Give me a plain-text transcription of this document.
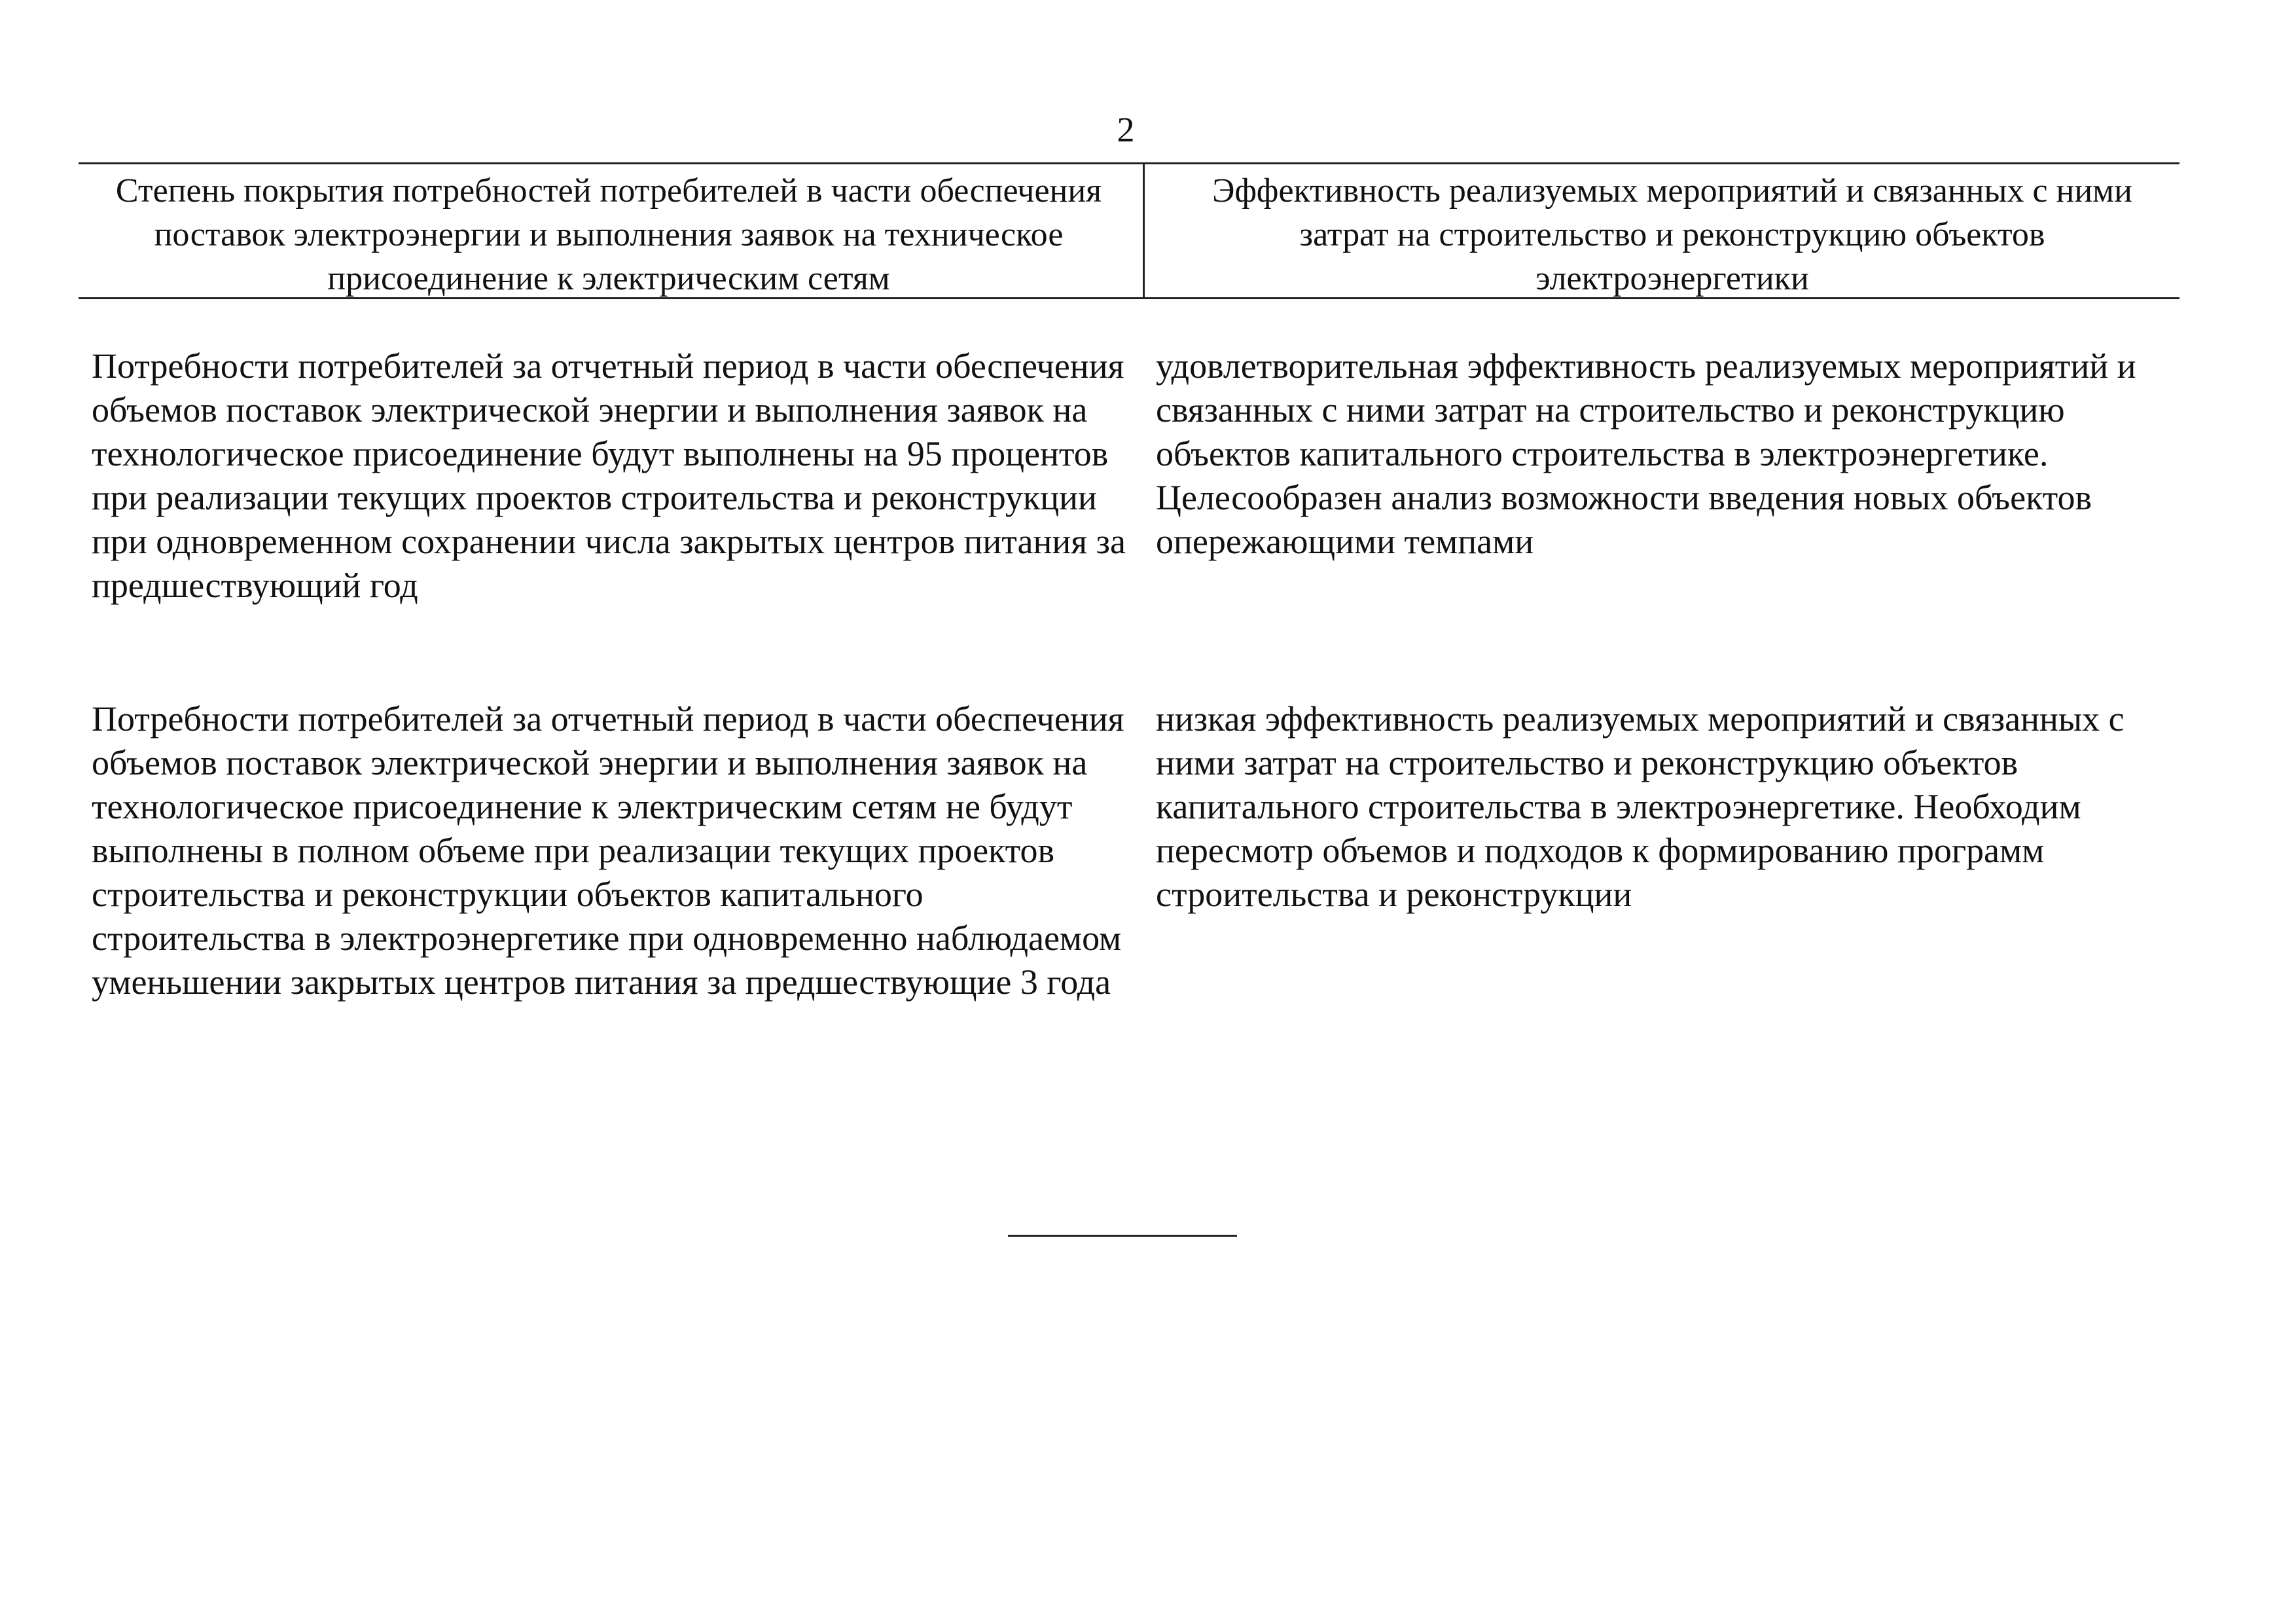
2
Степень покрытия потребностей потребителей в части обеспечения поставок электроэнергии и выполнения заявок на техническое присоединение к электрическим сетям
Эффективность реализуемых мероприятий и связанных с ними затрат на строительство и реконструкцию объектов электроэнергетики
Потребности потребителей за отчетный период в части обеспечения объемов поставок электрической энергии и выполнения заявок на технологическое присоединение будут выполнены на 95 процентов при реализации текущих проектов строительства и реконструкции при одновременном сохранении числа закрытых центров питания за предшествующий год
удовлетворительная эффективность реализуемых мероприятий и связанных с ними затрат на строительство и реконструкцию объектов капитального строительства в электроэнергетике. Целесообразен анализ возможности введения новых объектов опережающими темпами
Потребности потребителей за отчетный период в части обеспечения объемов поставок электрической энергии и выполнения заявок на технологическое присоединение к электрическим сетям не будут выполнены в полном объеме при реализации текущих проектов строительства и реконструкции объектов капитального строительства в электроэнергетике при одновременно наблюдаемом уменьшении закрытых центров питания за предшествующие 3 года
низкая эффективность реализуемых мероприятий и связанных с ними затрат на строительство и реконструкцию объектов капитального строительства в электроэнергетике. Необходим пересмотр объемов и подходов к формированию программ строительства и реконструкции
